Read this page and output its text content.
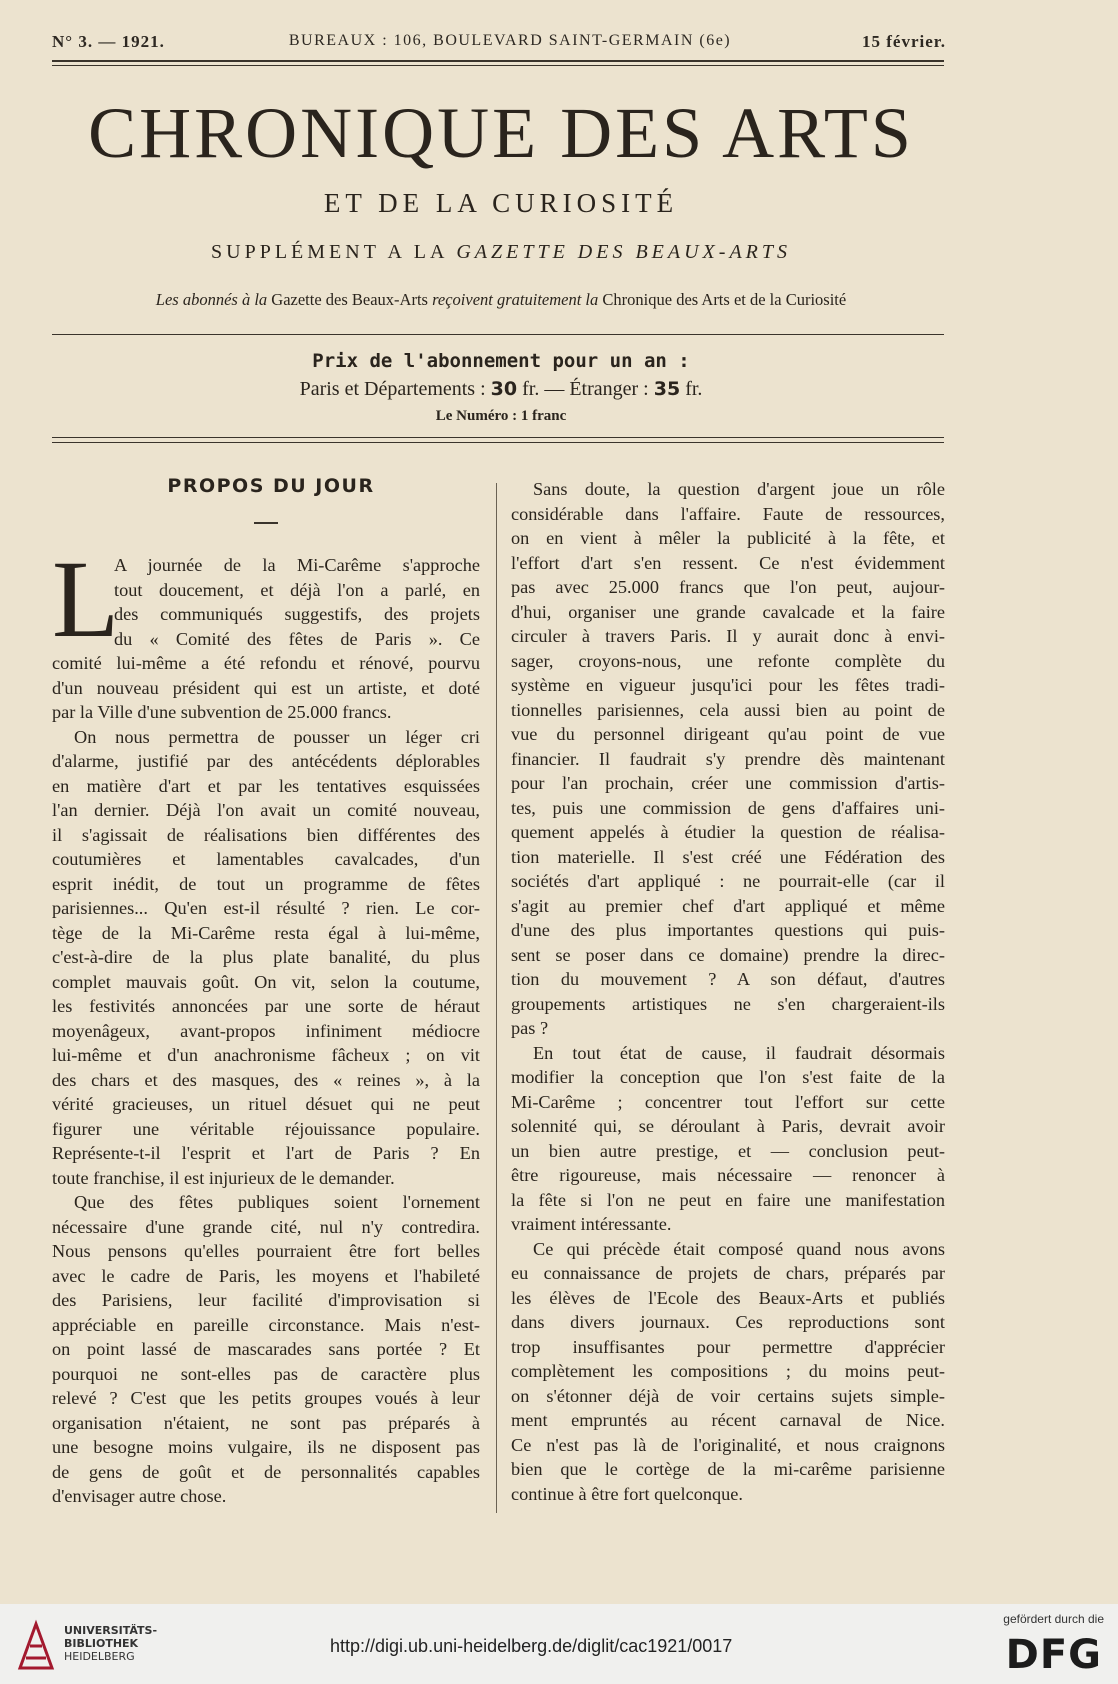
N° 3. — 1921.	BUREAUX : 106, BOULEVARD SAINT-GERMAIN (6e)	15 février.
CHRONIQUE DES ARTS
ET DE LA CURIOSITÉ
SUPPLÉMENT A LA GAZETTE DES BEAUX-ARTS
Les abonnés à la Gazette des Beaux-Arts reçoivent gratuitement la Chronique des Arts et de la Curiosité
Prix de l'abonnement pour un an :
Paris et Départements : 30 fr. — Étranger : 35 fr.
Le Numéro : 1 franc
PROPOS DU JOUR
L
A journée de la Mi-Carême s'approche
tout doucement, et déjà l'on a parlé, en
des communiqués suggestifs, des projets
du « Comité des fêtes de Paris ». Ce
comité lui-même a été refondu et rénové, pourvu
d'un nouveau président qui est un artiste, et doté
par la Ville d'une subvention de 25.000 francs.
On nous permettra de pousser un léger cri
d'alarme, justifié par des antécédents déplorables
en matière d'art et par les tentatives esquissées
l'an dernier. Déjà l'on avait un comité nouveau,
il s'agissait de réalisations bien différentes des
coutumières et lamentables cavalcades, d'un
esprit inédit, de tout un programme de fêtes
parisiennes... Qu'en est-il résulté ? rien. Le cor-
tège de la Mi-Carême resta égal à lui-même,
c'est-à-dire de la plus plate banalité, du plus
complet mauvais goût. On vit, selon la coutume,
les festivités annoncées par une sorte de héraut
moyenâgeux, avant-propos infiniment médiocre
lui-même et d'un anachronisme fâcheux ; on vit
des chars et des masques, des « reines », à la
vérité gracieuses, un rituel désuet qui ne peut
figurer une véritable réjouissance populaire.
Représente-t-il l'esprit et l'art de Paris ? En
toute franchise, il est injurieux de le demander.
Que des fêtes publiques soient l'ornement
nécessaire d'une grande cité, nul n'y contredira.
Nous pensons qu'elles pourraient être fort belles
avec le cadre de Paris, les moyens et l'habileté
des Parisiens, leur facilité d'improvisation si
appréciable en pareille circonstance. Mais n'est-
on point lassé de mascarades sans portée ? Et
pourquoi ne sont-elles pas de caractère plus
relevé ? C'est que les petits groupes voués à leur
organisation n'étaient, ne sont pas préparés à
une besogne moins vulgaire, ils ne disposent pas
de gens de goût et de personnalités capables
d'envisager autre chose.
Sans doute, la question d'argent joue un rôle
considérable dans l'affaire. Faute de ressources,
on en vient à mêler la publicité à la fête, et
l'effort d'art s'en ressent. Ce n'est évidemment
pas avec 25.000 francs que l'on peut, aujour-
d'hui, organiser une grande cavalcade et la faire
circuler à travers Paris. Il y aurait donc à envi-
sager, croyons-nous, une refonte complète du
système en vigueur jusqu'ici pour les fêtes tradi-
tionnelles parisiennes, cela aussi bien au point de
vue du personnel dirigeant qu'au point de vue
financier. Il faudrait s'y prendre dès maintenant
pour l'an prochain, créer une commission d'artis-
tes, puis une commission de gens d'affaires uni-
quement appelés à étudier la question de réalisa-
tion materielle. Il s'est créé une Fédération des
sociétés d'art appliqué : ne pourrait-elle (car il
s'agit au premier chef d'art appliqué et même
d'une des plus importantes questions qui puis-
sent se poser dans ce domaine) prendre la direc-
tion du mouvement ? A son défaut, d'autres
groupements artistiques ne s'en chargeraient-ils
pas ?
En tout état de cause, il faudrait désormais
modifier la conception que l'on s'est faite de la
Mi-Carême ; concentrer tout l'effort sur cette
solennité qui, se déroulant à Paris, devrait avoir
un bien autre prestige, et — conclusion peut-
être rigoureuse, mais nécessaire — renoncer à
la fête si l'on ne peut en faire une manifestation
vraiment intéressante.
Ce qui précède était composé quand nous avons
eu connaissance de projets de chars, préparés par
les élèves de l'Ecole des Beaux-Arts et publiés
dans divers journaux. Ces reproductions sont
trop insuffisantes pour permettre d'apprécier
complètement les compositions ; du moins peut-
on s'étonner déjà de voir certains sujets simple-
ment empruntés au récent carnaval de Nice.
Ce n'est pas là de l'originalité, et nous craignons
bien que le cortège de la mi-carême parisienne
continue à être fort quelconque.
UNIVERSITÄTS-
BIBLIOTHEK
HEIDELBERG
http://digi.ub.uni-heidelberg.de/diglit/cac1921/0017
gefördert durch die
DFG
